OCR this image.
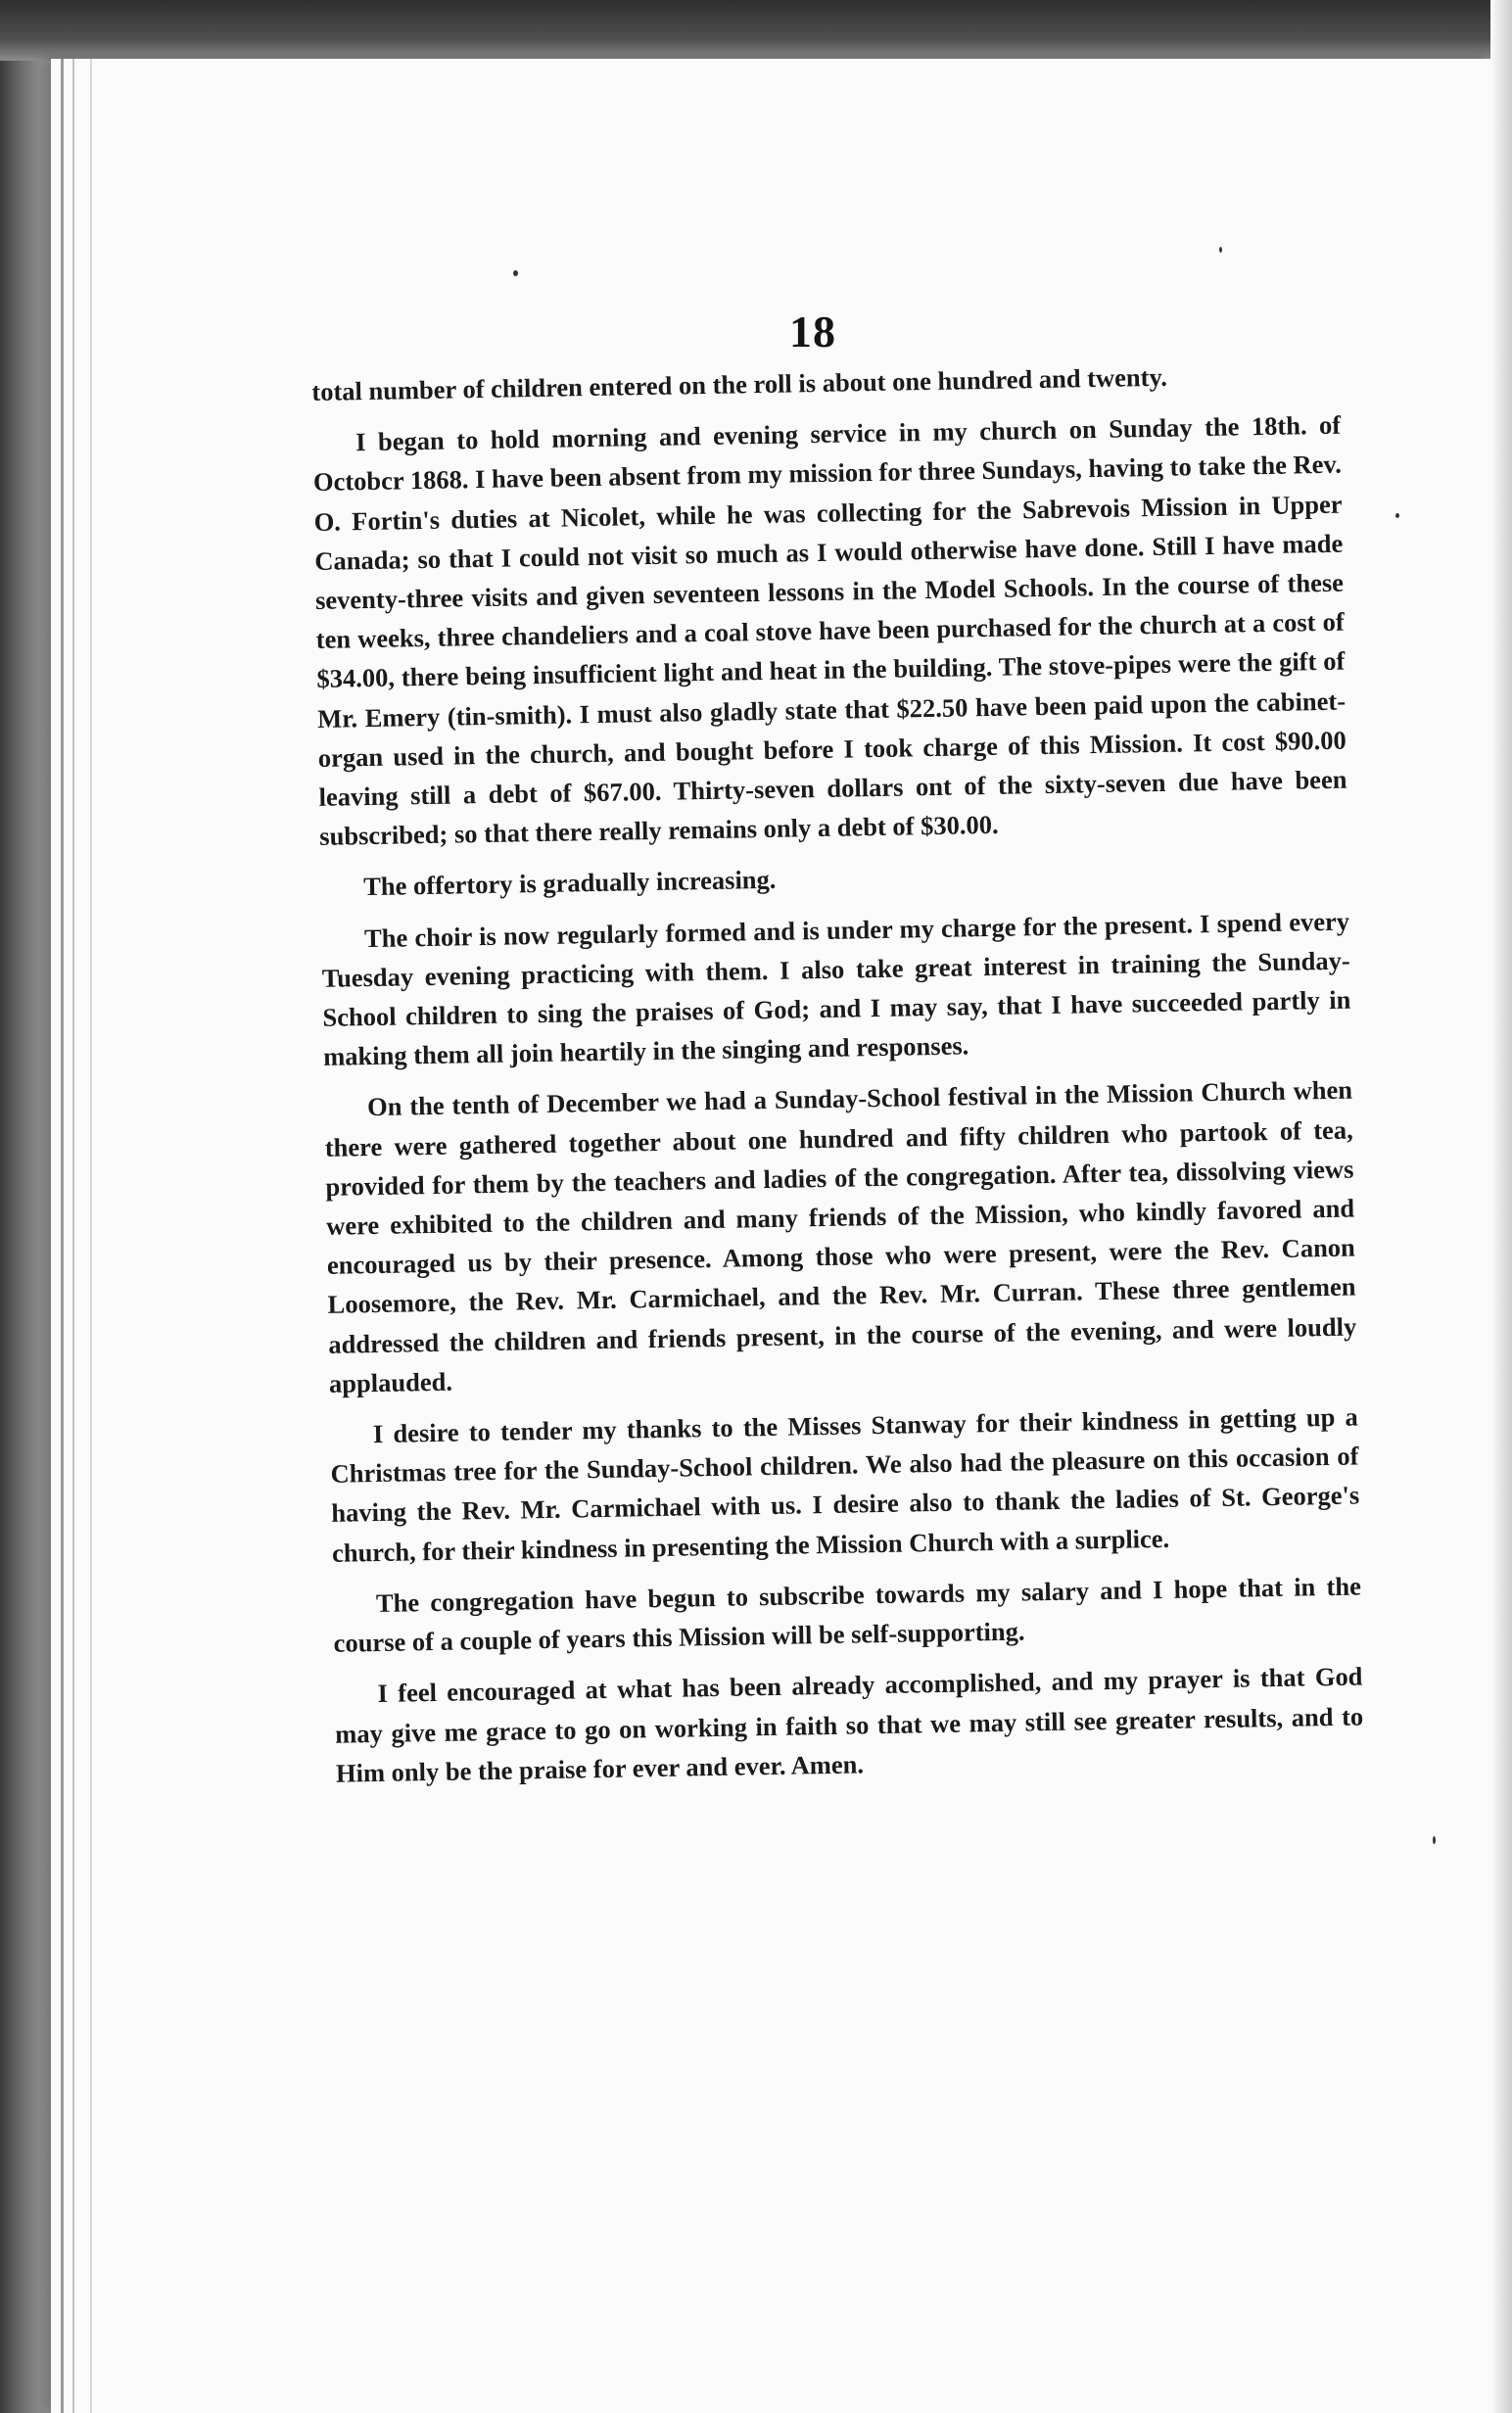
18

total number of children entered on the roll is about one hundred and twenty.

I began to hold morning and evening service in my church on Sunday the 18th. of Octobcr 1868. I have been absent from my mission for three Sundays, having to take the Rev. O. Fortin's duties at Nicolet, while he was collecting for the Sabrevois Mission in Upper Canada; so that I could not visit so much as I would otherwise have done. Still I have made seventy-three visits and given seventeen lessons in the Model Schools. In the course of these ten weeks, three chandeliers and a coal stove have been purchased for the church at a cost of $34.00, there being insufficient light and heat in the building. The stove-pipes were the gift of Mr. Emery (tin-smith). I must also gladly state that $22.50 have been paid upon the cabinet-organ used in the church, and bought before I took charge of this Mission. It cost $90.00 leaving still a debt of $67.00. Thirty-seven dollars ont of the sixty-seven due have been subscribed; so that there really remains only a debt of $30.00.

The offertory is gradually increasing.

The choir is now regularly formed and is under my charge for the present. I spend every Tuesday evening practicing with them. I also take great interest in training the Sunday-School children to sing the praises of God; and I may say, that I have succeeded partly in making them all join heartily in the singing and responses.

On the tenth of December we had a Sunday-School festival in the Mission Church when there were gathered together about one hundred and fifty children who partook of tea, provided for them by the teachers and ladies of the congregation. After tea, dissolving views were exhibited to the children and many friends of the Mission, who kindly favored and encouraged us by their presence. Among those who were present, were the Rev. Canon Loosemore, the Rev. Mr. Carmichael, and the Rev. Mr. Curran. These three gentlemen addressed the children and friends present, in the course of the evening, and were loudly applauded.

I desire to tender my thanks to the Misses Stanway for their kindness in getting up a Christmas tree for the Sunday-School children. We also had the pleasure on this occasion of having the Rev. Mr. Carmichael with us. I desire also to thank the ladies of St. George's church, for their kindness in presenting the Mission Church with a surplice.

The congregation have begun to subscribe towards my salary and I hope that in the course of a couple of years this Mission will be self-supporting.

I feel encouraged at what has been already accomplished, and my prayer is that God may give me grace to go on working in faith so that we may still see greater results, and to Him only be the praise for ever and ever. Amen.
